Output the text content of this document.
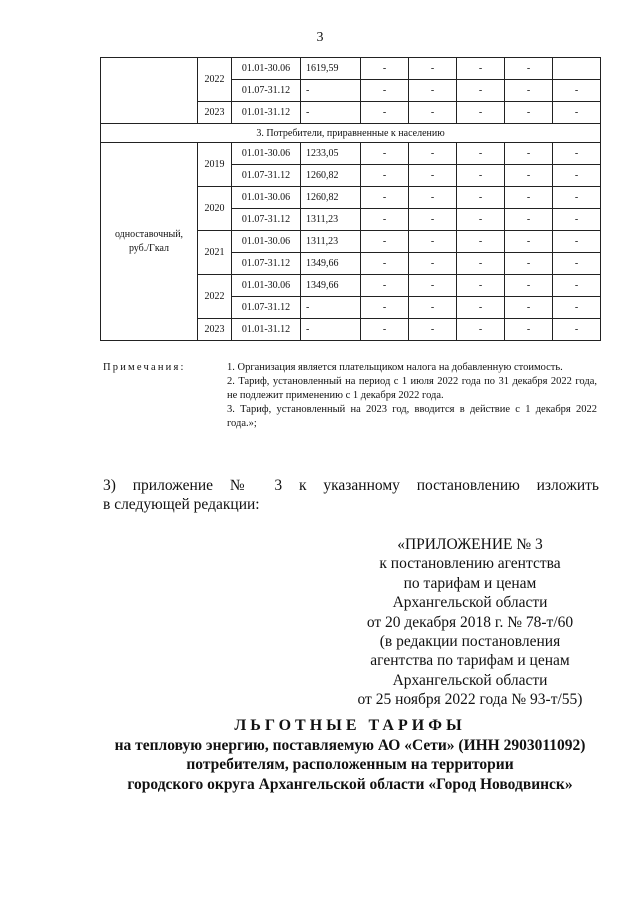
3
	2022	01.01-30.06	1619,59	-	-	-	-	
		01.07-31.12	-	-	-	-	-	-
	2023	01.01-31.12	-	-	-	-	-	-
3. Потребители, приравненные к населению								
одноставочный, руб./Гкал	2019	01.01-30.06	1233,05	-	-	-	-	-
		01.07-31.12	1260,82	-	-	-	-	-
	2020	01.01-30.06	1260,82	-	-	-	-	-
		01.07-31.12	1311,23	-	-	-	-	-
	2021	01.01-30.06	1311,23	-	-	-	-	-
		01.07-31.12	1349,66	-	-	-	-	-
	2022	01.01-30.06	1349,66	-	-	-	-	-
		01.07-31.12	-	-	-	-	-	-
	2023	01.01-31.12	-	-	-	-	-	-
Примечания:	1. Организация является плательщиком налога на добавленную стоимость.

2. Тариф, установленный на период с 1 июля 2022 года по 31 декабря 2022 года, не подлежит применению с 1 декабря 2022 года.

3. Тариф, установленный на 2023 год, вводится в действие с 1 декабря 2022 года.»;

3) приложение № 3 к указанному постановлению изложить
в следующей редакции:
«ПРИЛОЖЕНИЕ № 3
к постановлению агентства
по тарифам и ценам
Архангельской области
от 20 декабря 2018 г. № 78-т/60
(в редакции постановления
агентства по тарифам и ценам
Архангельской области
от 25 ноября 2022 года № 93-т/55)
ЛЬГОТНЫЕ ТАРИФЫ
на тепловую энергию, поставляемую АО «Сети» (ИНН 2903011092)
потребителям, расположенным на территории
городского округа Архангельской области «Город Новодвинск»
